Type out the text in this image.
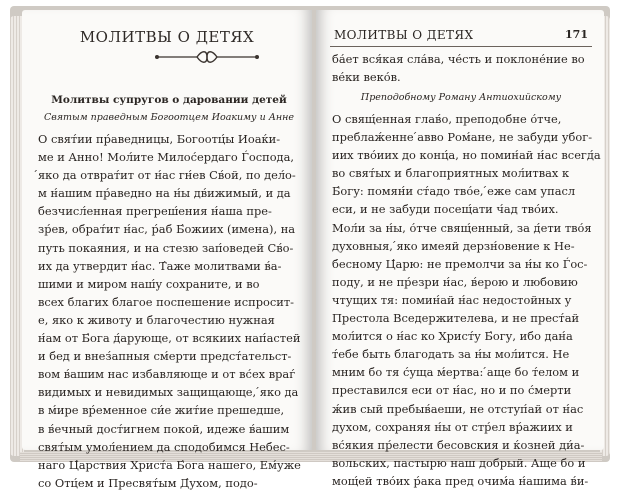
МОЛИТВЫ О ДЕТЯХ
Молитвы супругов о даровании детей
Святым праведным Богоотцем Иоакиму и Анне
О свят́ии пр́аведницы, Богоотц́ы Иоаќи-
ме и Анно! Мол́ите Милос́ердаго Ѓоспода,
́яко да отврат́ит от н́ас гн́ев Св́ой, по дел́о-
м н́ашим пр́аведно на н́ы дв́ижимый, и да
безчисл́енная прегреш́ения н́аша пре-
зр́ев, обрат́ит н́ас, р́аб Б́ожиих (имена), на
путь покаяния, и на стезю зап́оведей Св́о-
их да утвердит н́ас. Т́аже молитвами в́а-
шими и миром наш́у сохраните, и во
всех благих благое поспешение испросит-
е, яко к животу и благочестию нужная
н́ам от Б́ога д́арующе, от всякиих нап́астей
и бед и внез́апныя см́ерти предст́ательст-
вом в́ашим нас избавляюще и от вс́ех враѓ
видимых и невидимых защищающе, ́яко да
в м́ире вр́еменное си́е жит́ие прешедше,
в в́ечный дост́игнем покой, идеже в́ашим
свят́ым умол́ением да сподобимся Неб́ес-
наго Ц́арствия Христ́а Б́ога нашего, Ем́уже
со Отц́ем и Пресвят́ым Д́ухом, подо-
МОЛИТВЫ О ДЕТЯХ	171
ба́ет вся́кая сла́ва, че́сть и поклоне́ние во
ве́ки веко́в.
Преподобному Роману Антиохийскому
О свящ́енная глав́о, преподобне о́тче,
преблаж́енне ́авво Ром́ане, не забуди уб́ог-
иих тво́иих до конц́а, но помин́ай н́ас всегд́а
во свят́ых и благоприятных мол́итвах к
Б́огу: помян́и ст́адо тво́е, ́еже сам упасл
еси, и не забуди посещ́ати ч́ад тво́их.
Мол́и за н́ы, о́тче свящ́енный, за д́ети тво́я
духовныя, ́яко имеяй дерзн́овение к Не-
б́есному Ц́арю: не премолчи за н́ы ко Ѓос-
поду, и не пр́езри н́ас, в́ерою и любовию
чтущих тя: помин́ай н́ас недостойных у
Престола Вседержителева, и не прест́ай
мол́ится о н́ас ко Христ́у Б́огу, ибо дан́а
т́ебе быть благодать за н́ы мол́ится. Не
мним бо тя с́уща м́ертва: ́аще бо т́елом и
преставился еси от н́ас, но и по с́мерти
ж́ив сый пребыв́аеши, не отступ́ай от н́ас
духом, сохраняя н́ы от стр́ел вр́ажиих и
вс́якия пр́елести бесовския и ќозней ди́а-
вольских, пастырю наш добрый. Аще бо и
мощ́ей тво́их р́ака пред очим́а н́ашима в́и-
